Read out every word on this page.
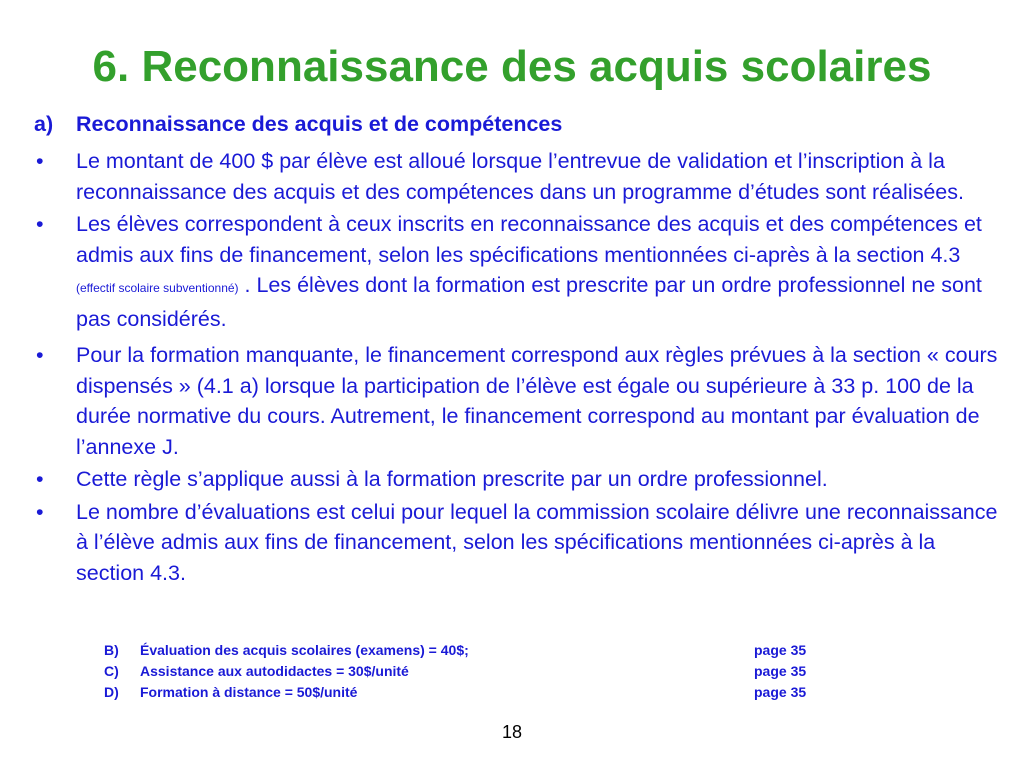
6. Reconnaissance des acquis scolaires
a) Reconnaissance des acquis et de compétences
• Le montant de 400 $ par élève est alloué lorsque l’entrevue de validation et l’inscription à la reconnaissance des acquis et des compétences dans un programme d’études sont réalisées.
• Les élèves correspondent à ceux inscrits en reconnaissance des acquis et des compétences et admis aux fins de financement, selon les spécifications mentionnées ci-après à la section 4.3 (effectif scolaire subventionné) . Les élèves dont la formation est prescrite par un ordre professionnel ne sont pas considérés.
• Pour la formation manquante, le financement correspond aux règles prévues à la section « cours dispensés » (4.1 a) lorsque la participation de l’élève est égale ou supérieure à 33 p. 100 de la durée normative du cours. Autrement, le financement correspond au montant par évaluation de l’annexe J.
• Cette règle s’applique aussi à la formation prescrite par un ordre professionnel.
• Le nombre d’évaluations est celui pour lequel la commission scolaire délivre une reconnaissance à l’élève admis aux fins de financement, selon les spécifications mentionnées ci-après à la section 4.3.
B) Évaluation des acquis scolaires (examens) = 40$;	page 35
C) Assistance aux autodidactes = 30$/unité	page 35
D) Formation à distance = 50$/unité	page 35
18
